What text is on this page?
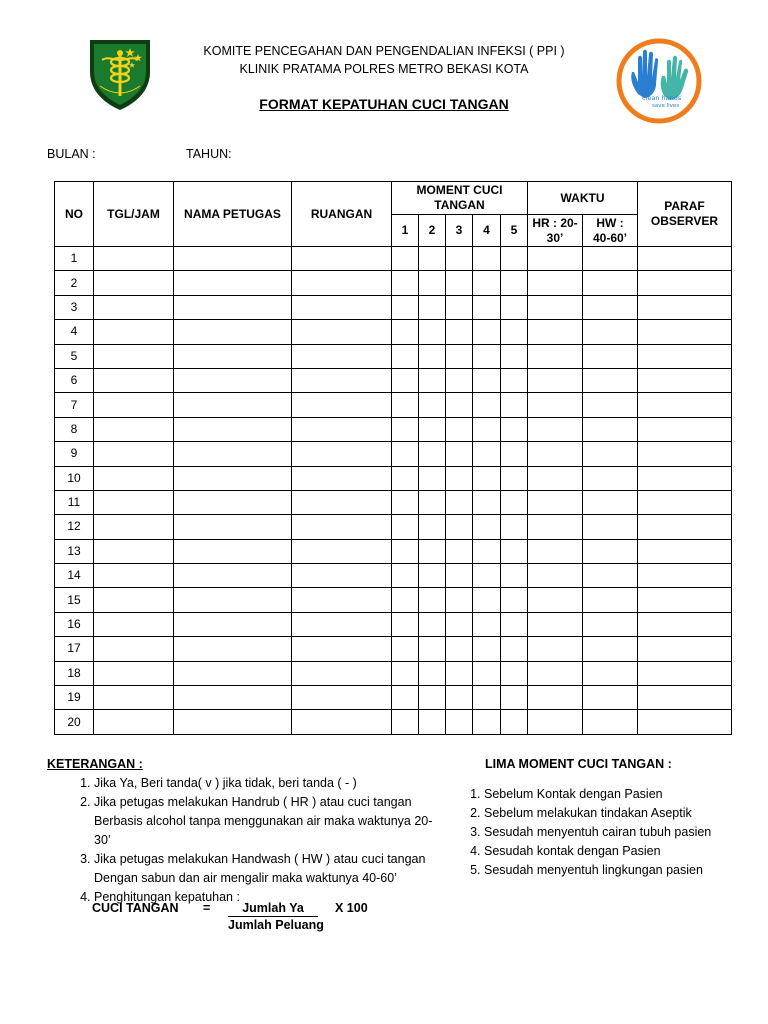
clean hands
save lives
KOMITE PENCEGAHAN DAN PENGENDALIAN INFEKSI ( PPI )
KLINIK PRATAMA POLRES METRO BEKASI KOTA
FORMAT KEPATUHAN CUCI TANGAN
BULAN :	TAHUN:
NO	TGL/JAM	NAMA PETUGAS	RUANGAN	MOMENT CUCI TANGAN					WAKTU		PARAF OBSERVER
				1	2	3	4	5	HR : 20-30’	HW : 40-60’	
1											
2											
3											
4											
5											
6											
7											
8											
9											
10											
11											
12											
13											
14											
15											
16											
17											
18											
19											
20											
KETERANGAN :
1. Jika Ya, Beri tanda( v ) jika tidak, beri tanda ( - )
2. Jika petugas melakukan Handrub ( HR ) atau cuci tangan Berbasis alcohol tanpa menggunakan air maka waktunya 20-30’
3. Jika petugas melakukan Handwash ( HW ) atau cuci tangan Dengan sabun dan air mengalir maka waktunya 40-60’
4. Penghitungan kepatuhan :
CUCI TANGAN =	Jumlah Ya
Jumlah Peluang
X 100
LIMA MOMENT CUCI TANGAN :
1. Sebelum Kontak dengan Pasien
2. Sebelum melakukan tindakan Aseptik
3. Sesudah menyentuh cairan tubuh pasien
4. Sesudah kontak dengan Pasien
5. Sesudah menyentuh lingkungan pasien
